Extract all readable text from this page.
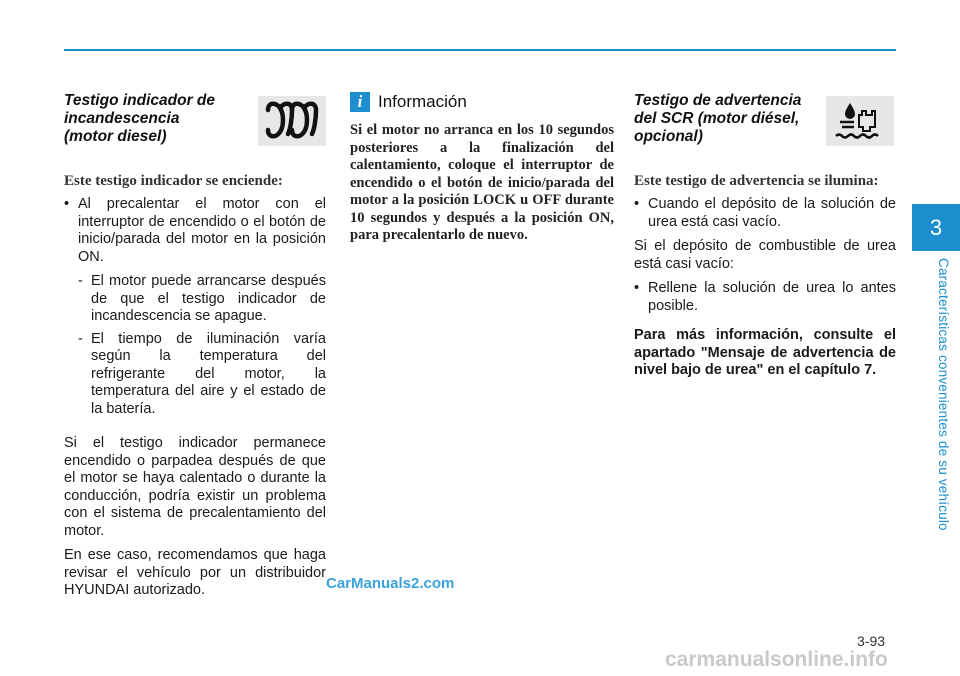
Testigo indicador de
incandescencia
(motor diesel)
Este testigo indicador se enciende:
• Al precalentar el motor con el interruptor de encendido o el botón de inicio/parada del motor en la posición ON.
- El motor puede arrancarse después de que el testigo indicador de incandescencia se apague.
- El tiempo de iluminación varía según la temperatura del refrigerante del motor, la temperatura del aire y el estado de la batería.
Si el testigo indicador permanece encendido o parpadea después de que el motor se haya calentado o durante la conducción, podría existir un problema con el sistema de precalentamiento del motor.
En ese caso, recomendamos que haga revisar el vehículo por un distribuidor HYUNDAI autorizado.
i Información
Si el motor no arranca en los 10 segundos posteriores a la finalización del calentamiento, coloque el interruptor de encendido o el botón de inicio/parada del motor a la posición LOCK u OFF durante 10 segundos y después a la posición ON, para precalentarlo de nuevo.
Testigo de advertencia
del SCR (motor diésel,
opcional)
Este testigo de advertencia se ilumina:
• Cuando el depósito de la solución de urea está casi vacío.
Si el depósito de combustible de urea está casi vacío:
• Rellene la solución de urea lo antes posible.
Para más información, consulte el apartado "Mensaje de advertencia de nivel bajo de urea" en el capítulo 7.
3
Características convenientes de su vehículo
3-93
CarManuals2.com
carmanualsonline.info
